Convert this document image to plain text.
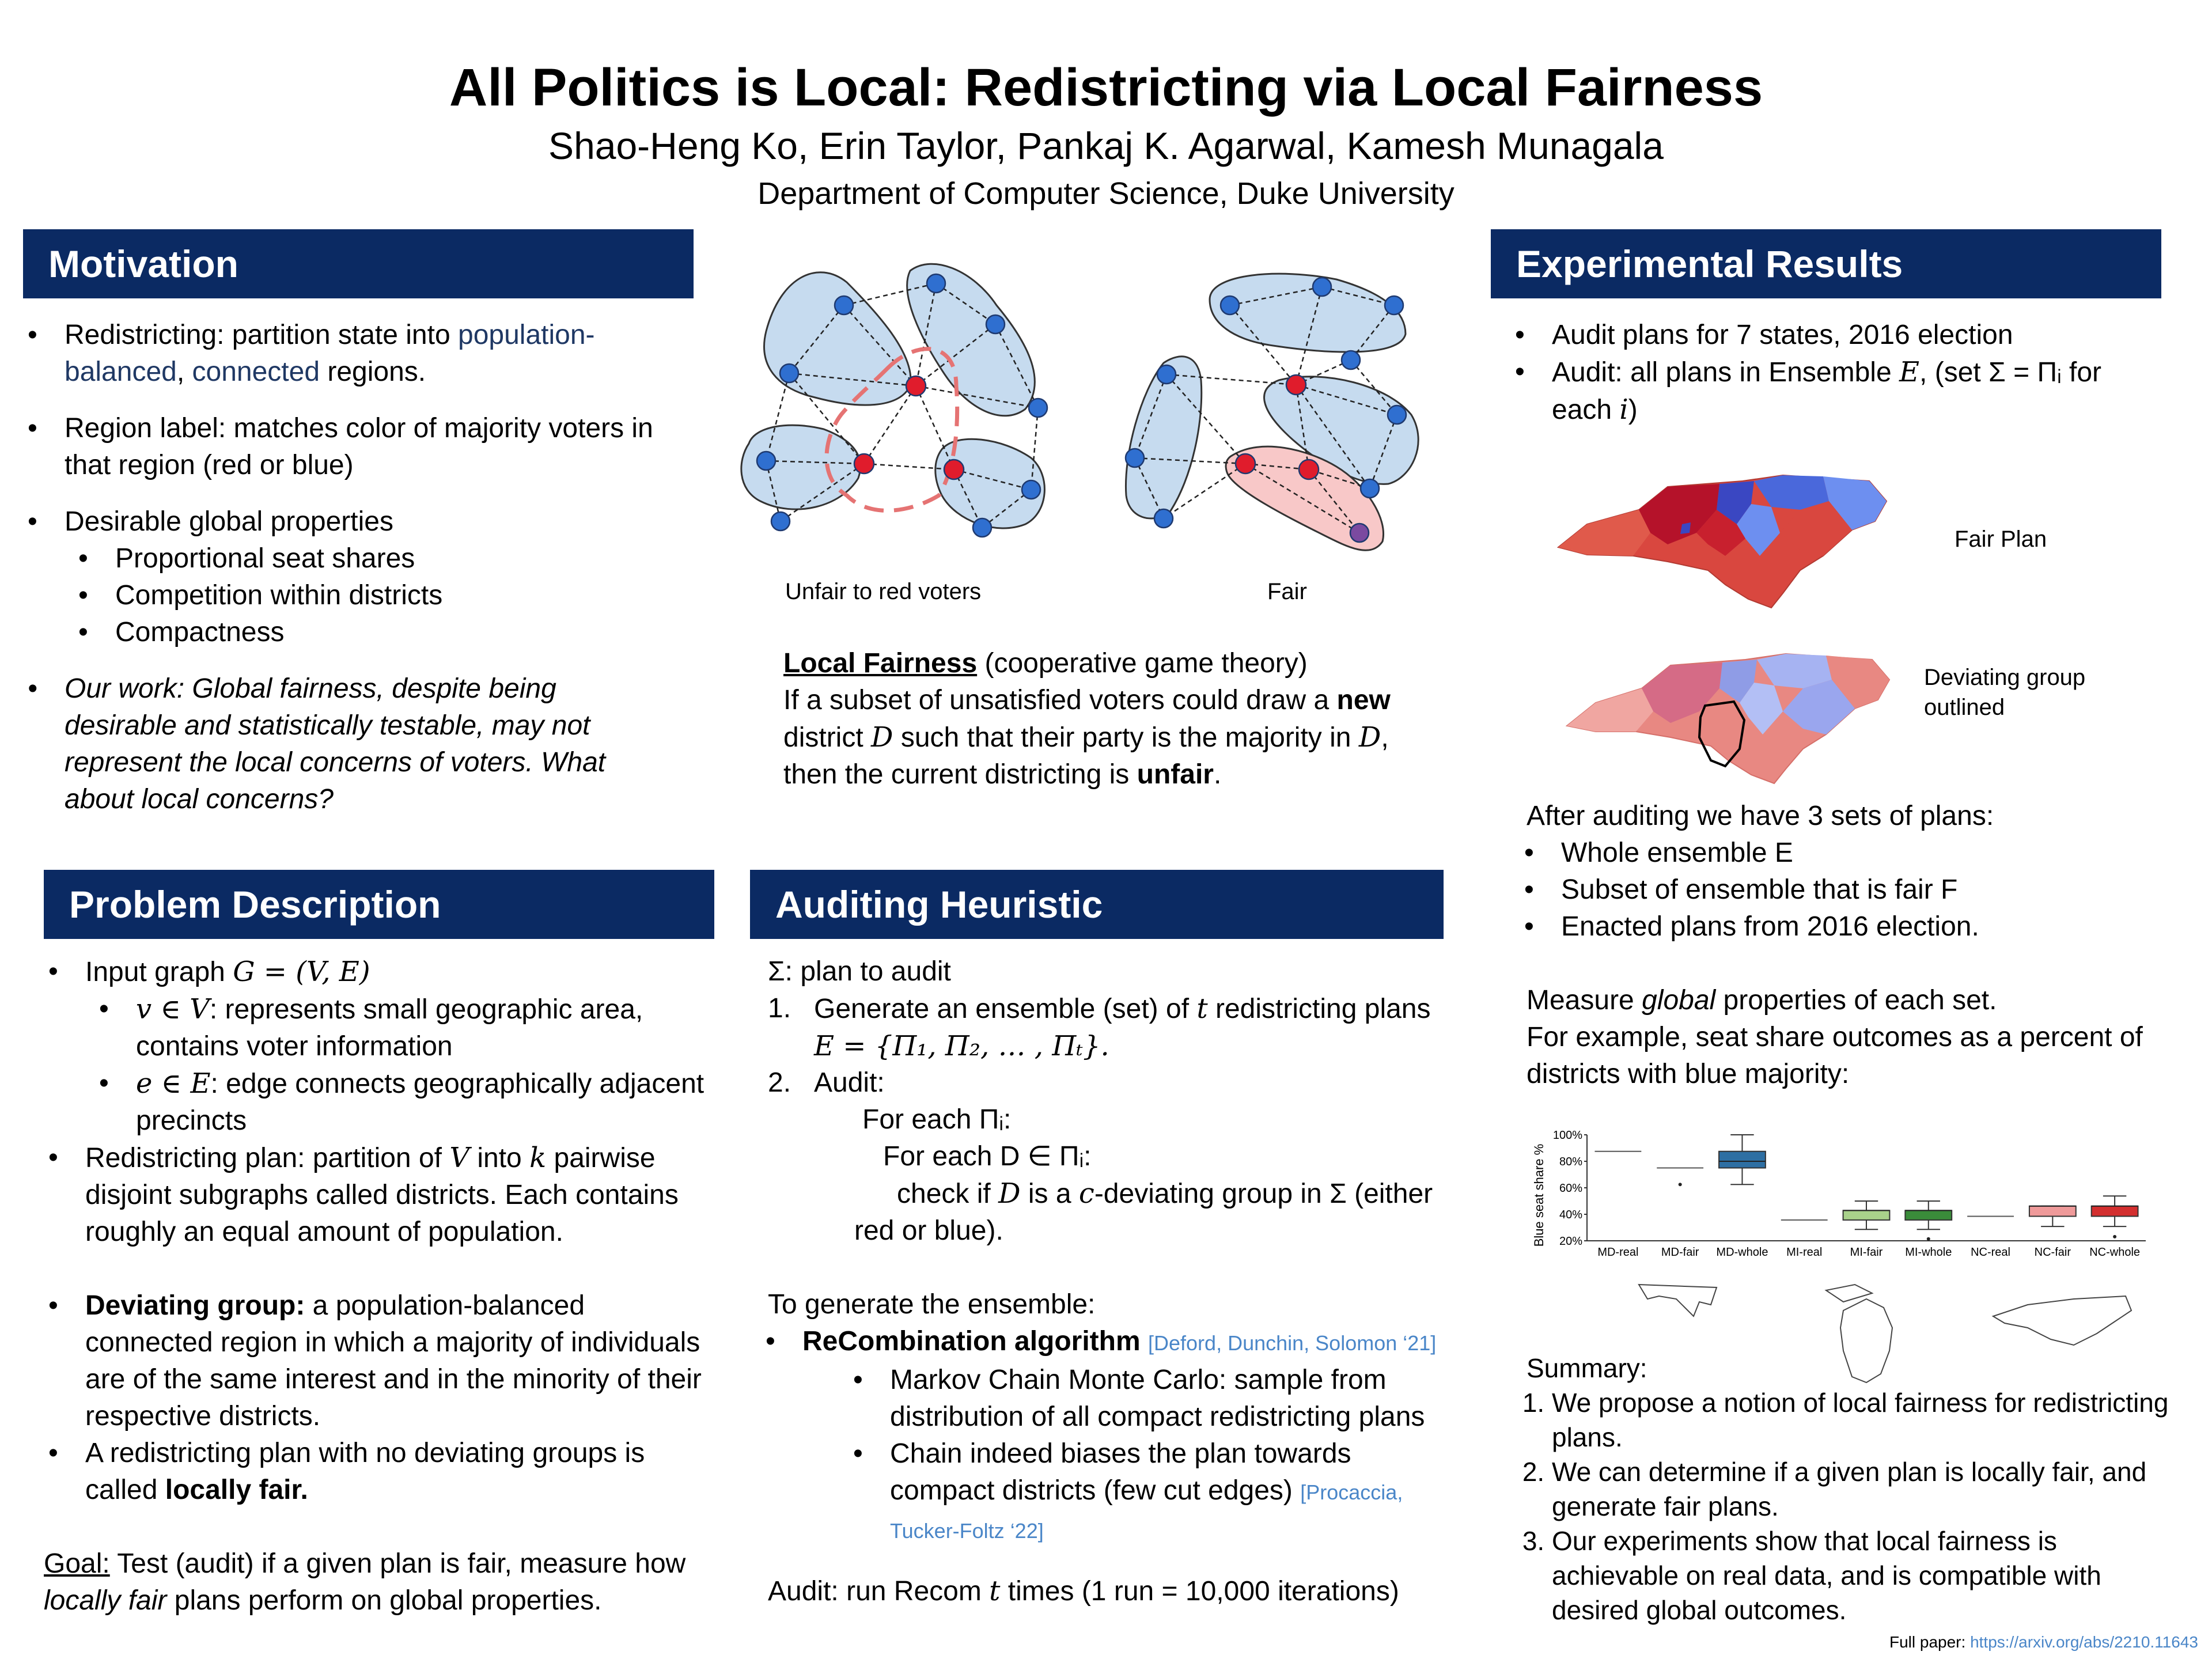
All Politics is Local: Redistricting via Local Fairness
Shao-Heng Ko, Erin Taylor, Pankaj K. Agarwal, Kamesh Munagala
Department of Computer Science, Duke University
Motivation
• Redistricting: partition state into population-balanced, connected regions.
• Region label: matches color of majority voters in that region (red or blue)
• Desirable global properties
• Proportional seat shares
• Competition within districts
• Compactness
• Our work: Global fairness, despite being desirable and statistically testable, may not represent the local concerns of voters. What about local concerns?
Unfair to red voters	Fair
Local Fairness (cooperative game theory)
If a subset of unsatisfied voters could draw a new
district D such that their party is the majority in D,
then the current districting is unfair.
Problem Description
• Input graph G = (V, E)
• v ∈ V: represents small geographic area, contains voter information
• e ∈ E: edge connects geographically adjacent precincts
• Redistricting plan: partition of V into k pairwise disjoint subgraphs called districts. Each contains roughly an equal amount of population.
• Deviating group: a population-balanced connected region in which a majority of individuals are of the same interest and in the minority of their respective districts.
• A redistricting plan with no deviating groups is called locally fair.
Goal: Test (audit) if a given plan is fair, measure how locally fair plans perform on global properties.
Auditing Heuristic
Σ: plan to audit
1. Generate an ensemble (set) of t redistricting plans
E = {Π₁, Π₂, … , Πₜ}.
2. Audit:
For each Πᵢ:
For each D ∈ Πᵢ:
check if D is a c-deviating group in Σ (either
red or blue).
To generate the ensemble:
• ReCombination algorithm [Deford, Dunchin, Solomon ‘21]
• Markov Chain Monte Carlo: sample from distribution of all compact redistricting plans
• Chain indeed biases the plan towards compact districts (few cut edges) [Procaccia, Tucker-Foltz ‘22]
Audit: run Recom t times (1 run = 10,000 iterations)
Experimental Results
• Audit plans for 7 states, 2016 election
• Audit: all plans in Ensemble E, (set Σ = Πᵢ for each i)
Fair Plan
Deviating group outlined
After auditing we have 3 sets of plans:
• Whole ensemble E
• Subset of ensemble that is fair F
• Enacted plans from 2016 election.
Measure global properties of each set.
For example, seat share outcomes as a percent of districts with blue majority:
Blue seat share %
100%
80%
60%
40%
20%
MD-real MD-fair MD-whole MI-real MI-fair MI-whole NC-real NC-fair NC-whole
Summary:
1. We propose a notion of local fairness for redistricting plans.
2. We can determine if a given plan is locally fair, and generate fair plans.
3. Our experiments show that local fairness is achievable on real data, and is compatible with desired global outcomes.
Full paper: https://arxiv.org/abs/2210.11643
